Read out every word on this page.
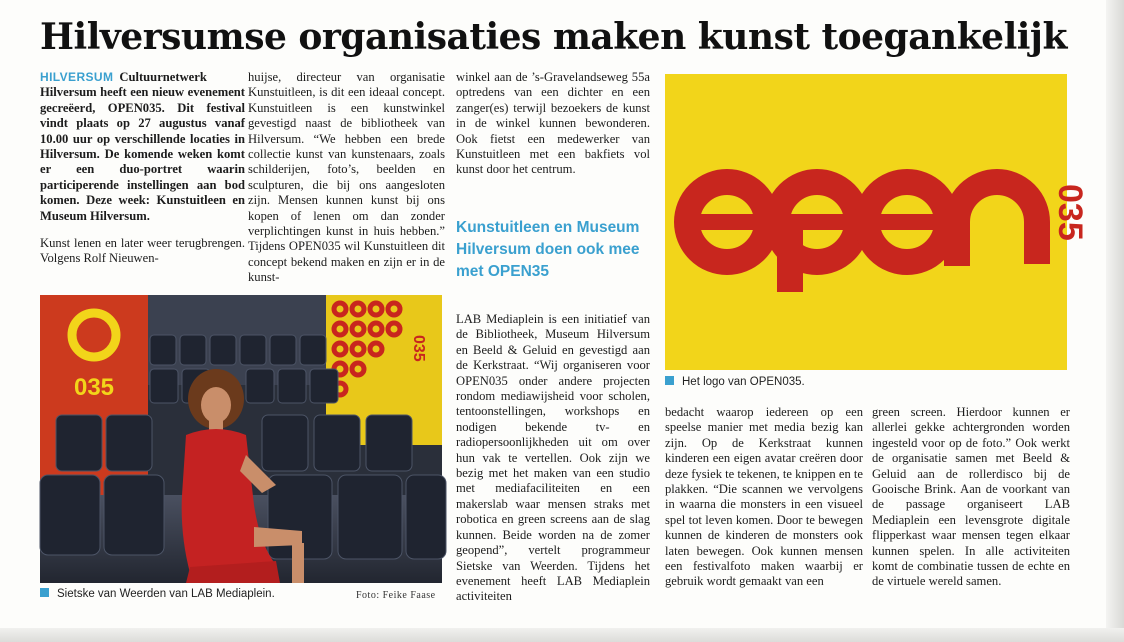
Hilversumse organisaties maken kunst toegankelijk

HILVERSUM Cultuurnetwerk Hilversum heeft een nieuw evenement gecreëerd, OPEN035. Dit festival vindt plaats op 27 augustus vanaf 10.00 uur op verschillende locaties in Hilversum. De komende weken komt er een duo-portret waarin participerende instellingen aan bod komen. Deze week: Kunstuitleen en Museum Hilversum.

Kunst lenen en later weer terugbrengen. Volgens Rolf Nieuwen-

huijse, directeur van organisatie Kunstuitleen, is dit een ideaal concept. Kunstuitleen is een kunstwinkel gevestigd naast de bibliotheek van Hilversum. “We hebben een brede collectie kunst van kunstenaars, zoals schilderijen, foto’s, beelden en sculpturen, die bij ons aangesloten zijn. Mensen kunnen kunst bij ons kopen of lenen om dan zonder verplichtingen kunst in huis hebben.” Tijdens OPEN035 wil Kunstuitleen dit concept bekend maken en zijn er in de kunst-

winkel aan de ’s-Gravelandseweg 55a optredens van een dichter en een zanger(es) terwijl bezoekers de kunst in de winkel kunnen bewonderen. Ook fietst een medewerker van Kunstuitleen met een bakfiets vol kunst door het centrum.

Kunstuitleen en Museum Hilversum doen ook mee met OPEN35

LAB Mediaplein is een initiatief van de Bibliotheek, Museum Hilversum en Beeld & Geluid en gevestigd aan de Kerkstraat. “Wij organiseren voor OPEN035 onder andere projecten rondom mediawijsheid voor scholen, tentoonstellingen, workshops en nodigen bekende tv- en radiopersoonlijkheden uit om over hun vak te vertellen. Ook zijn we bezig met het maken van een studio met mediafaciliteiten en een makerslab waar mensen straks met robotica en green screens aan de slag kunnen. Beide worden na de zomer geopend”, vertelt programmeur Sietske van Weerden. Tijdens het evenement heeft LAB Mediaplein activiteiten

bedacht waarop iedereen op een speelse manier met media bezig kan zijn. Op de Kerkstraat kunnen kinderen een eigen avatar creëren door deze fysiek te tekenen, te knippen en te plakken. “Die scannen we vervolgens in waarna die monsters in een visueel spel tot leven komen. Door te bewegen kunnen de kinderen de monsters ook laten bewegen. Ook kunnen mensen een festivalfoto maken waarbij er gebruik wordt gemaakt van een

green screen. Hierdoor kunnen er allerlei gekke achtergronden worden ingesteld voor op de foto.” Ook werkt de organisatie samen met Beeld & Geluid aan de rollerdisco bij de Gooische Brink. Aan de voorkant van de passage organiseert LAB Mediaplein een levensgrote digitale flipperkast waar mensen tegen elkaar kunnen spelen. In alle activiteiten komt de combinatie tussen de echte en de virtuele wereld samen.

035
Het logo van OPEN035.
035
035
Sietske van Weerden van LAB Mediaplein.	Foto: Feike Faase
